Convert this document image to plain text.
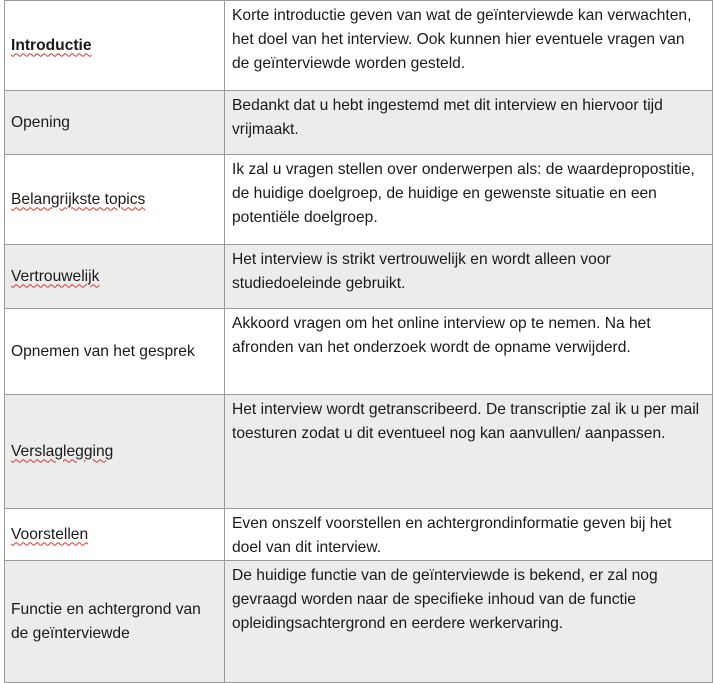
Introductie	Korte introductie geven van wat de geïnterviewde kan verwachten, het doel van het interview. Ook kunnen hier eventuele vragen van de geïnterviewde worden gesteld.
Opening	Bedankt dat u hebt ingestemd met dit interview en hiervoor tijd vrijmaakt.
Belangrijkste topics	Ik zal u vragen stellen over onderwerpen als: de waardepropostitie, de huidige doelgroep, de huidige en gewenste situatie en een potentiële doelgroep.
Vertrouwelijk	Het interview is strikt vertrouwelijk en wordt alleen voor studiedoeleinde gebruikt.
Opnemen van het gesprek	Akkoord vragen om het online interview op te nemen. Na het afronden van het onderzoek wordt de opname verwijderd.
Verslaglegging	Het interview wordt getranscribeerd. De transcriptie zal ik u per mail toesturen zodat u dit eventueel nog kan aanvullen/ aanpassen.
Voorstellen	Even onszelf voorstellen en achtergrondinformatie geven bij het doel van dit interview.
Functie en achtergrond van de geïnterviewde	De huidige functie van de geïnterviewde is bekend, er zal nog gevraagd worden naar de specifieke inhoud van de functie opleidingsachtergrond en eerdere werkervaring.
